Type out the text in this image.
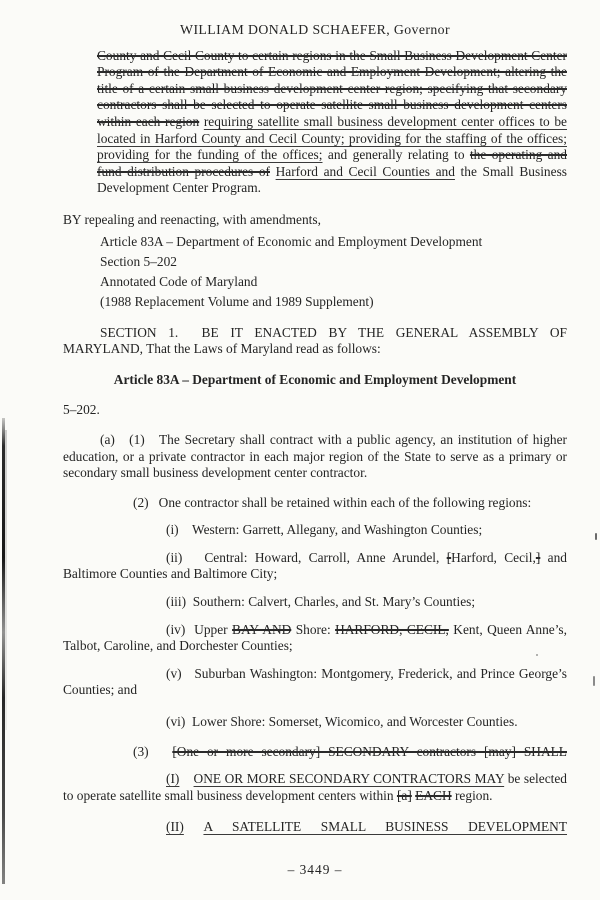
WILLIAM DONALD SCHAEFER, Governor
County and Cecil County to certain regions in the Small Business Development Center Program of the Department of Economic and Employment Development; altering the title of a certain small business development center region; specifying that secondary contractors shall be selected to operate satellite small business development centers within each region requiring satellite small business development center offices to be located in Harford County and Cecil County; providing for the staffing of the offices; providing for the funding of the offices; and generally relating to the operating and fund distribution procedures of Harford and Cecil Counties and the Small Business Development Center Program.
BY repealing and reenacting, with amendments,
Article 83A – Department of Economic and Employment Development
Section 5–202
Annotated Code of Maryland
(1988 Replacement Volume and 1989 Supplement)
SECTION 1.  BE IT ENACTED BY THE GENERAL ASSEMBLY OF MARYLAND, That the Laws of Maryland read as follows:
Article 83A – Department of Economic and Employment Development
5–202.
(a)   (1)   The Secretary shall contract with a public agency, an institution of higher education, or a private contractor in each major region of the State to serve as a primary or secondary small business development center contractor.
(2)   One contractor shall be retained within each of the following regions:
(i)    Western: Garrett, Allegany, and Washington Counties;
(ii)   Central: Howard, Carroll, Anne Arundel, [Harford, Cecil,] and Baltimore Counties and Baltimore City;
(iii)  Southern: Calvert, Charles, and St. Mary’s Counties;
(iv)  Upper BAY AND Shore: HARFORD, CECIL, Kent, Queen Anne’s, Talbot, Caroline, and Dorchester Counties;
(v)   Suburban Washington: Montgomery, Frederick, and Prince George’s Counties; and
(vi)  Lower Shore: Somerset, Wicomico, and Worcester Counties.
(3)   [One or more secondary] SECONDARY contractors [may] SHALL
(I) ONE OR MORE SECONDARY CONTRACTORS MAY be selected to operate satellite small business development centers within [a] EACH region.
(II) A SATELLITE SMALL BUSINESS DEVELOPMENT
– 3449 –
